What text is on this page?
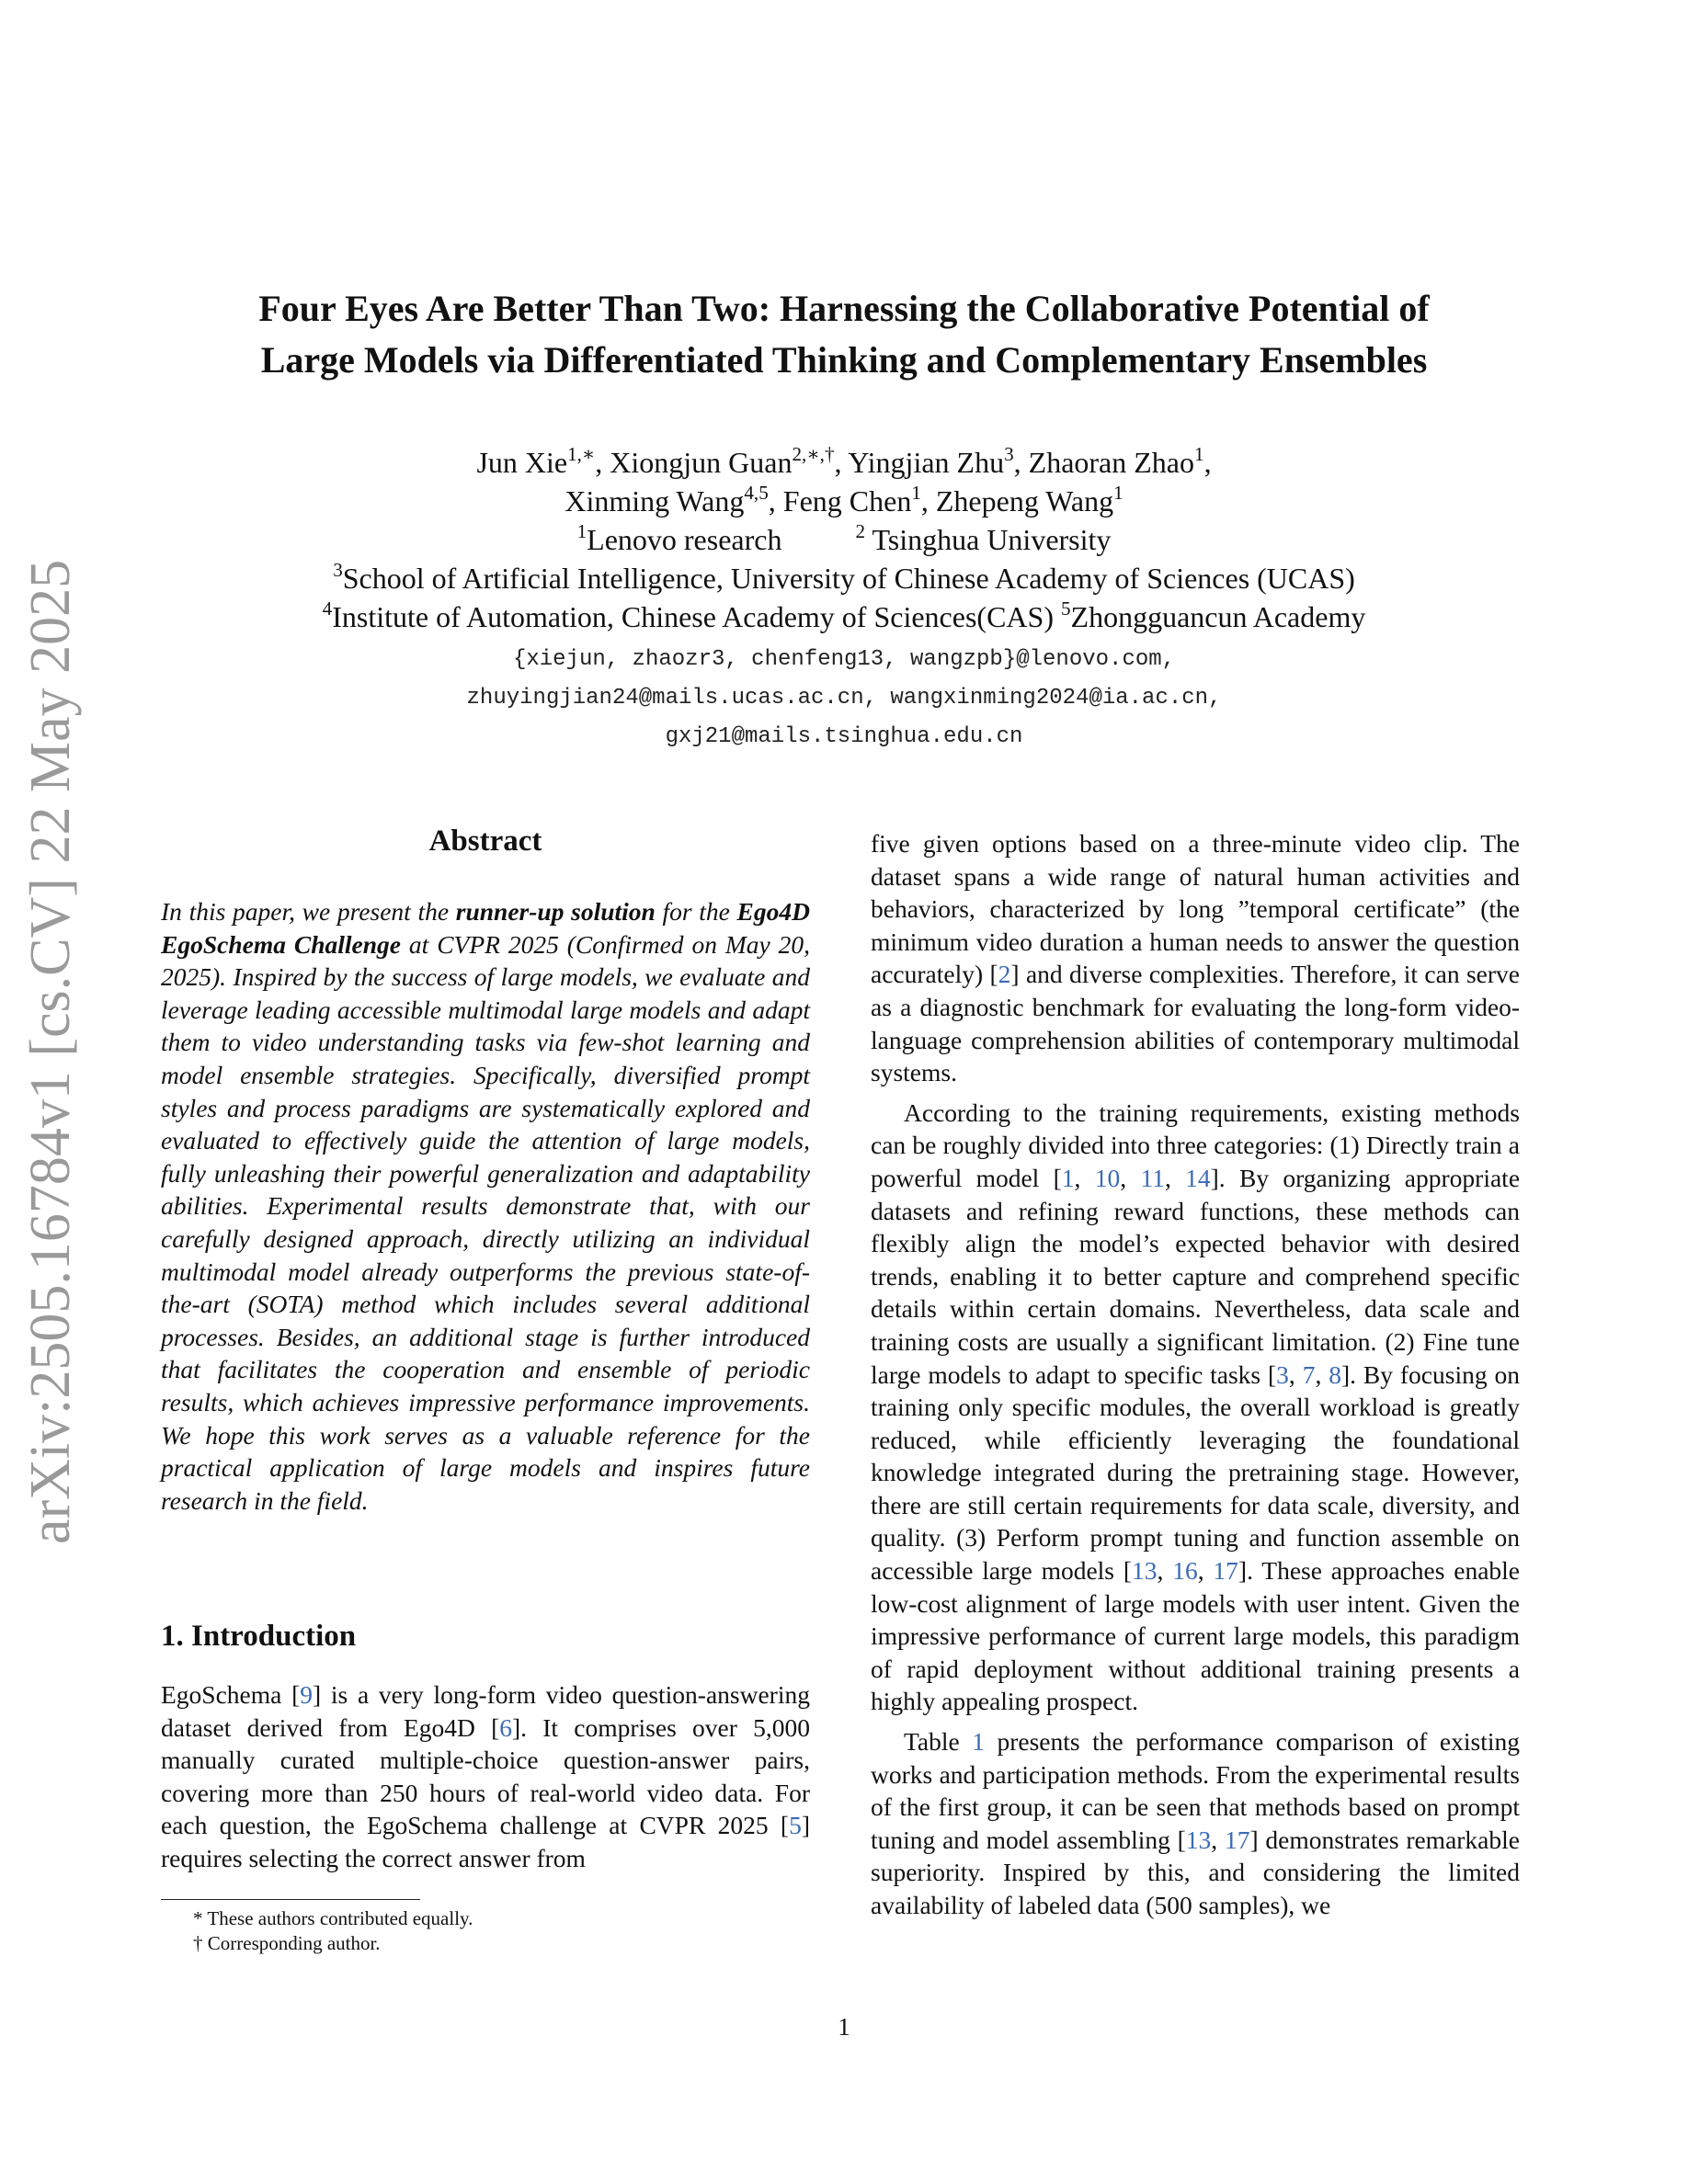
arXiv:2505.16784v1 [cs.CV] 22 May 2025
Four Eyes Are Better Than Two: Harnessing the Collaborative Potential of
Large Models via Differentiated Thinking and Complementary Ensembles
Jun Xie$^{1,∗}$, Xiongjun Guan$^{2,∗,\dagger}$, Yingjian Zhu$^3$, Zhaoran Zhao$^1$,
Xinming Wang$^{4,5}$, Feng Chen$^1$, Zhepeng Wang$^1$
$^1$Lenovo research	$^2$ Tsinghua University
$^3$School of Artificial Intelligence, University of Chinese Academy of Sciences (UCAS)
$^4$Institute of Automation, Chinese Academy of Sciences(CAS) $^5$Zhongguancun Academy
{xiejun, zhaozr3, chenfeng13, wangzpb}@lenovo.com,
zhuyingjian24@mails.ucas.ac.cn, wangxinming2024@ia.ac.cn,
gxj21@mails.tsinghua.edu.cn
Abstract
In this paper, we present the runner-up solution for the Ego4D EgoSchema Challenge at CVPR 2025 (Confirmed on May 20, 2025). Inspired by the success of large models, we evaluate and leverage leading accessible multimodal large models and adapt them to video understanding tasks via few-shot learning and model ensemble strategies. Specifically, diversified prompt styles and process paradigms are systematically explored and evaluated to effectively guide the attention of large models, fully unleashing their powerful generalization and adaptability abilities. Experimental results demonstrate that, with our carefully designed approach, directly utilizing an individual multimodal model already outperforms the previous state-of-the-art (SOTA) method which includes several additional processes. Besides, an additional stage is further introduced that facilitates the cooperation and ensemble of periodic results, which achieves impressive performance improvements. We hope this work serves as a valuable reference for the practical application of large models and inspires future research in the field.
1. Introduction
EgoSchema [9] is a very long-form video question-answering dataset derived from Ego4D [6]. It comprises over 5,000 manually curated multiple-choice question-answer pairs, covering more than 250 hours of real-world video data. For each question, the EgoSchema challenge at CVPR 2025 [5] requires selecting the correct answer from

five given options based on a three-minute video clip. The dataset spans a wide range of natural human activities and behaviors, characterized by long ”temporal certificate” (the minimum video duration a human needs to answer the question accurately) [2] and diverse complexities. Therefore, it can serve as a diagnostic benchmark for evaluating the long-form video-language comprehension abilities of contemporary multimodal systems.

According to the training requirements, existing methods can be roughly divided into three categories: (1) Directly train a powerful model [1, 10, 11, 14]. By organizing appropriate datasets and refining reward functions, these methods can flexibly align the model’s expected behavior with desired trends, enabling it to better capture and comprehend specific details within certain domains. Nevertheless, data scale and training costs are usually a significant limitation. (2) Fine tune large models to adapt to specific tasks [3, 7, 8]. By focusing on training only specific modules, the overall workload is greatly reduced, while efficiently leveraging the foundational knowledge integrated during the pretraining stage. However, there are still certain requirements for data scale, diversity, and quality. (3) Perform prompt tuning and function assemble on accessible large models [13, 16, 17]. These approaches enable low-cost alignment of large models with user intent. Given the impressive performance of current large models, this paradigm of rapid deployment without additional training presents a highly appealing prospect.

Table 1 presents the performance comparison of existing works and participation methods. From the experimental results of the first group, it can be seen that methods based on prompt tuning and model assembling [13, 17] demonstrates remarkable superiority. Inspired by this, and considering the limited availability of labeled data (500 samples), we

* These authors contributed equally.
† Corresponding author.
1
